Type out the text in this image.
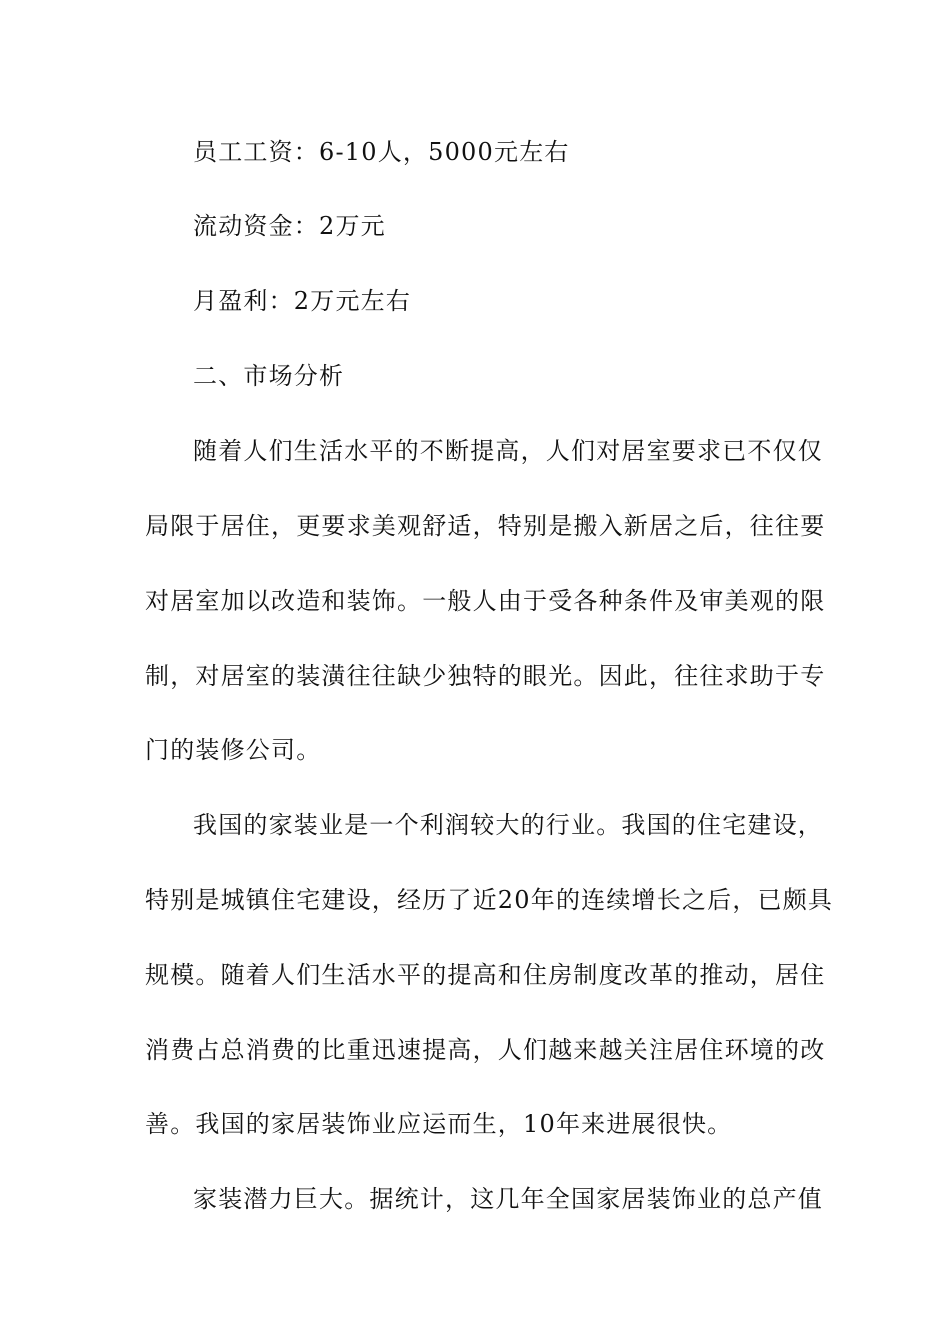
员工工资：6-10人，5000元左右
流动资金：2万元
月盈利：2万元左右
二、市场分析
随着人们生活水平的不断提高，人们对居室要求已不仅仅
局限于居住，更要求美观舒适，特别是搬入新居之后，往往要
对居室加以改造和装饰。一般人由于受各种条件及审美观的限
制，对居室的装潢往往缺少独特的眼光。因此，往往求助于专
门的装修公司。
我国的家装业是一个利润较大的行业。我国的住宅建设，
特别是城镇住宅建设，经历了近20年的连续增长之后，已颇具
规模。随着人们生活水平的提高和住房制度改革的推动，居住
消费占总消费的比重迅速提高，人们越来越关注居住环境的改
善。我国的家居装饰业应运而生，10年来进展很快。
家装潜力巨大。据统计，这几年全国家居装饰业的总产值
